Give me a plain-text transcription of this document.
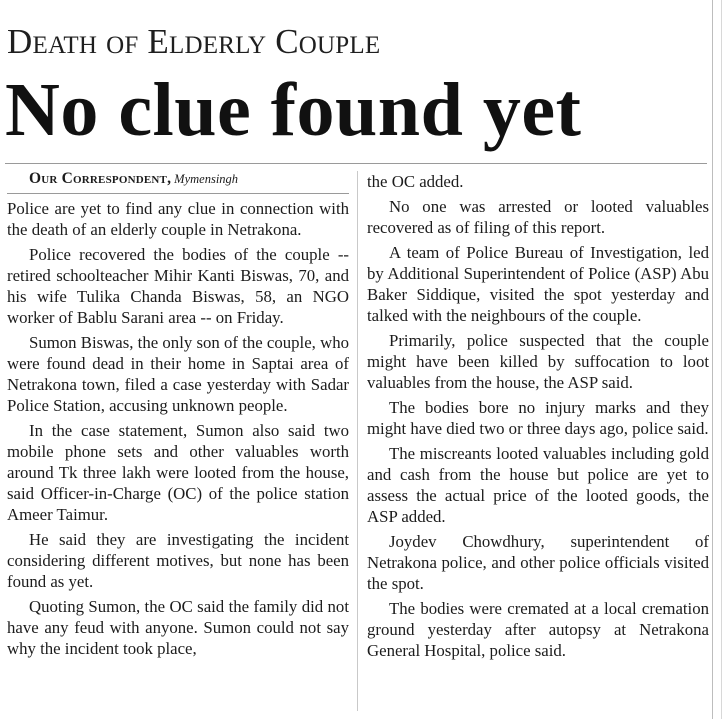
Death of Elderly Couple
No clue found yet

Our Correspondent, Mymensingh

Police are yet to find any clue in connection with the death of an elderly couple in Netrakona.

Police recovered the bodies of the couple -- retired schoolteacher Mihir Kanti Biswas, 70, and his wife Tulika Chanda Biswas, 58, an NGO worker of Bablu Sarani area -- on Friday.

Sumon Biswas, the only son of the couple, who were found dead in their home in Saptai area of Netrakona town, filed a case yesterday with Sadar Police Station, accusing unknown people.

In the case statement, Sumon also said two mobile phone sets and other valuables worth around Tk three lakh were looted from the house, said Officer-in-Charge (OC) of the police station Ameer Taimur.

He said they are investigating the incident considering different motives, but none has been found as yet.

Quoting Sumon, the OC said the family did not have any feud with anyone. Sumon could not say why the incident took place,

the OC added.

No one was arrested or looted valuables recovered as of filing of this report.

A team of Police Bureau of Investigation, led by Additional Superintendent of Police (ASP) Abu Baker Siddique, visited the spot yesterday and talked with the neighbours of the couple.

Primarily, police suspected that the couple might have been killed by suffocation to loot valuables from the house, the ASP said.

The bodies bore no injury marks and they might have died two or three days ago, police said.

The miscreants looted valuables including gold and cash from the house but police are yet to assess the actual price of the looted goods, the ASP added.

Joydev Chowdhury, superintendent of Netrakona police, and other police officials visited the spot.

The bodies were cremated at a local cremation ground yesterday after autopsy at Netrakona General Hospital, police said.
